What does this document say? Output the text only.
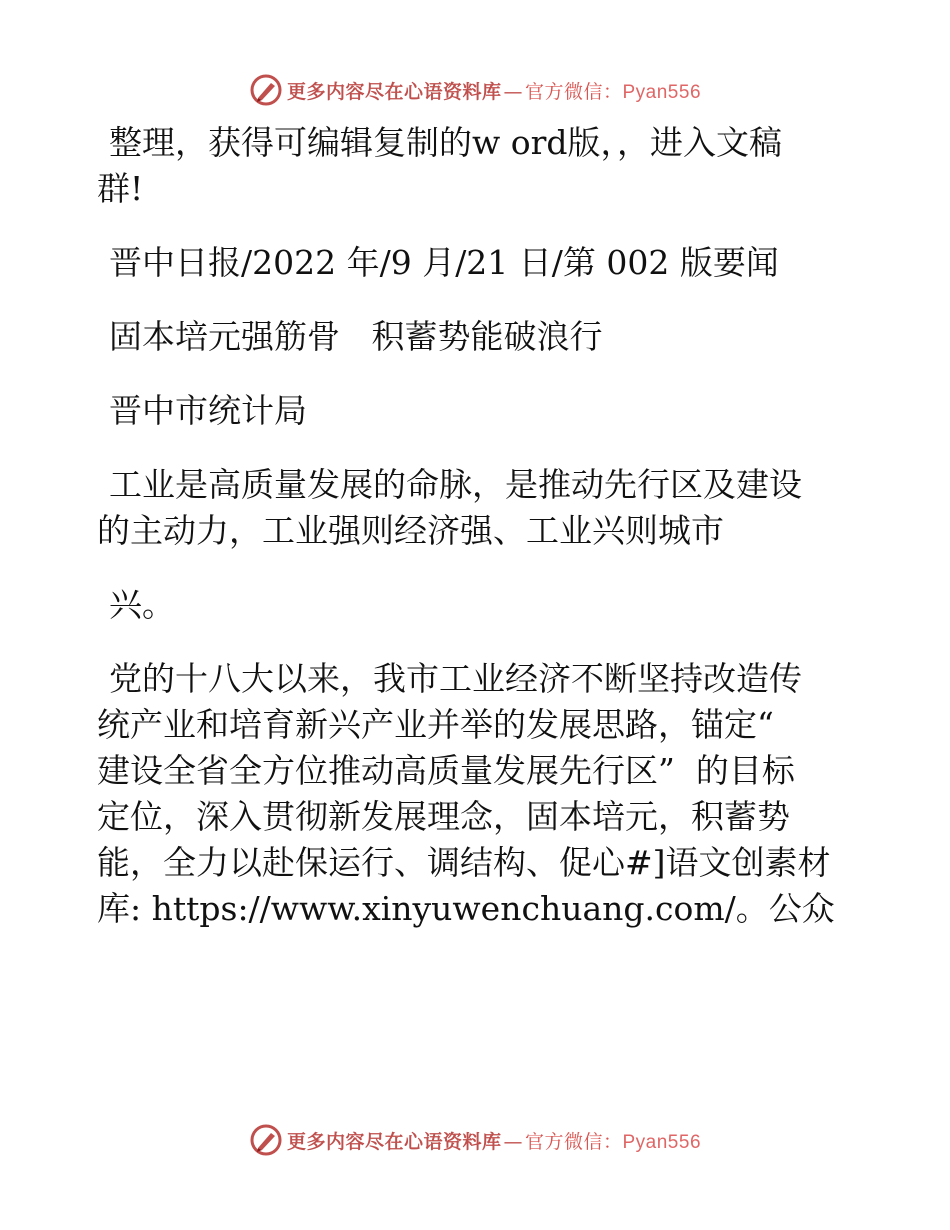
更多内容尽在心语资料库 — 官方微信：Pyan556

整理，获得可编辑复制的w ord版，，进入文稿
群!

晋中日报/2022 年/9 月/21 日/第 002 版要闻

固本培元强筋骨   积蓄势能破浪行

晋中市统计局

工业是高质量发展的命脉，是推动先行区及建设
的主动力，工业强则经济强、工业兴则城市

兴。

党的十八大以来，我市工业经济不断坚持改造传
统产业和培育新兴产业并举的发展思路，锚定“
建设全省全方位推动高质量发展先行区”  的目标
定位，深入贯彻新发展理念，固本培元，积蓄势
能，全力以赴保运行、调结构、促心#]语文创素材
库: https://www.xinyuwenchuang.com/。公众

更多内容尽在心语资料库 — 官方微信：Pyan556
